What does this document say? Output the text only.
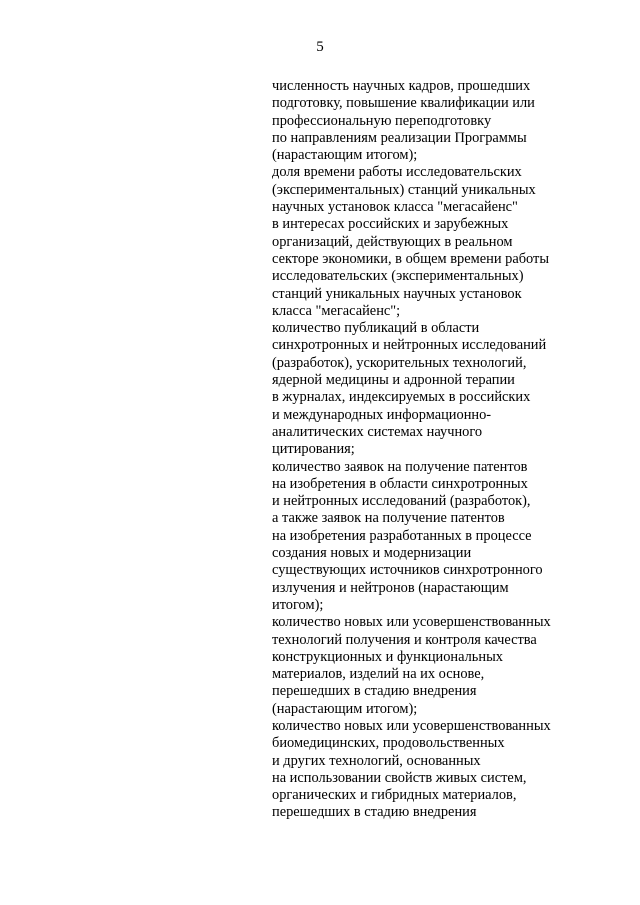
5
численность научных кадров, прошедших
подготовку, повышение квалификации или
профессиональную переподготовку
по направлениям реализации Программы
(нарастающим итогом);
доля времени работы исследовательских
(экспериментальных) станций уникальных
научных установок класса "мегасайенс"
в интересах российских и зарубежных
организаций, действующих в реальном
секторе экономики, в общем времени работы
исследовательских (экспериментальных)
станций уникальных научных установок
класса "мегасайенс";
количество публикаций в области
синхротронных и нейтронных исследований
(разработок), ускорительных технологий,
ядерной медицины и адронной терапии
в журналах, индексируемых в российских
и международных информационно-
аналитических системах научного
цитирования;
количество заявок на получение патентов
на изобретения в области синхротронных
и нейтронных исследований (разработок),
а также заявок на получение патентов
на изобретения разработанных в процессе
создания новых и модернизации
существующих источников синхротронного
излучения и нейтронов (нарастающим
итогом);
количество новых или усовершенствованных
технологий получения и контроля качества
конструкционных и функциональных
материалов, изделий на их основе,
перешедших в стадию внедрения
(нарастающим итогом);
количество новых или усовершенствованных
биомедицинских, продовольственных
и других технологий, основанных
на использовании свойств живых систем,
органических и гибридных материалов,
перешедших в стадию внедрения
